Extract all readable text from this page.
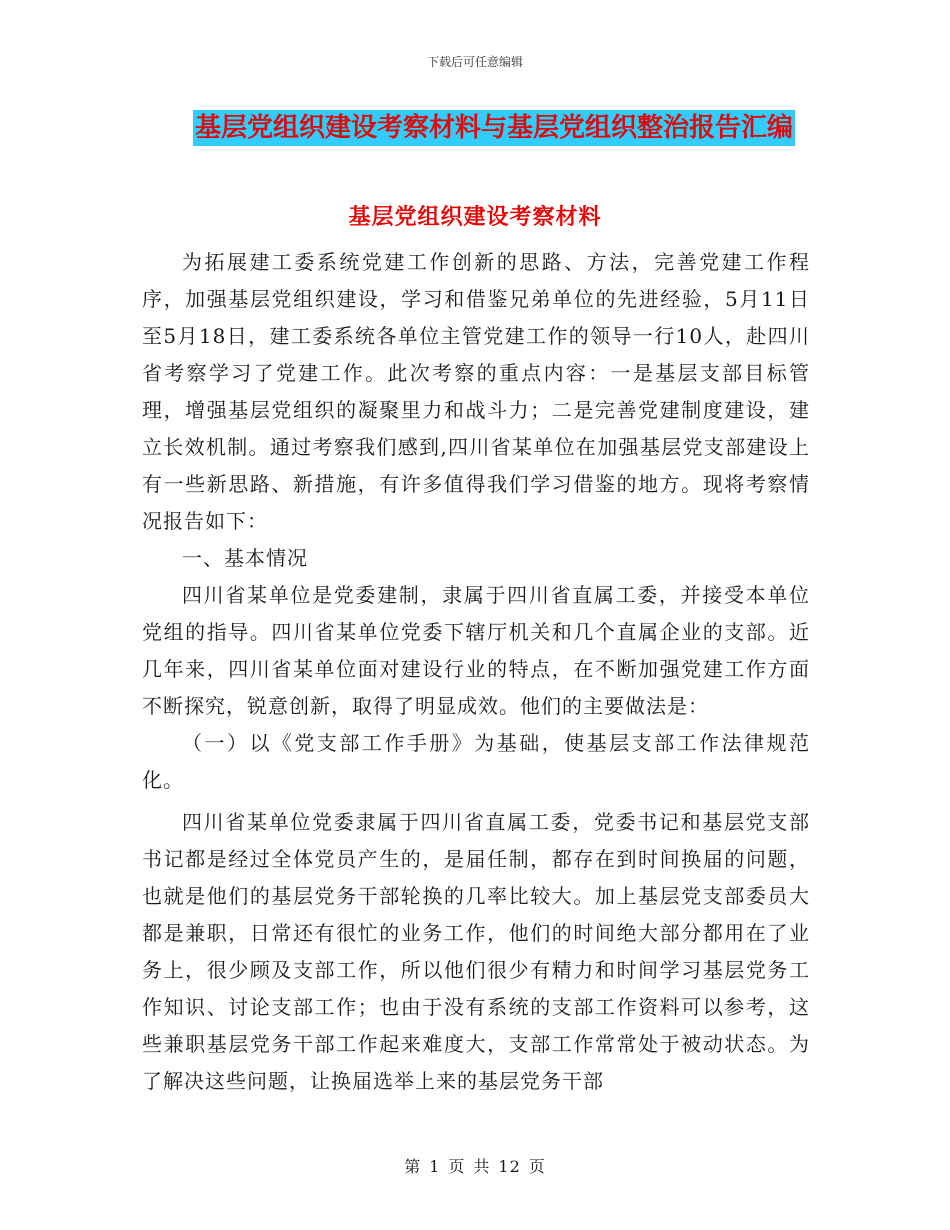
下载后可任意编辑
基层党组织建设考察材料与基层党组织整治报告汇编
基层党组织建设考察材料

为拓展建工委系统党建工作创新的思路、方法，完善党建工作程序，加强基层党组织建设，学习和借鉴兄弟单位的先进经验，5月11日至5月18日，建工委系统各单位主管党建工作的领导一行10人，赴四川省考察学习了党建工作。此次考察的重点内容：一是基层支部目标管理，增强基层党组织的凝聚里力和战斗力；二是完善党建制度建设，建立长效机制。通过考察我们感到,四川省某单位在加强基层党支部建设上有一些新思路、新措施，有许多值得我们学习借鉴的地方。现将考察情况报告如下：

一、基本情况

四川省某单位是党委建制，隶属于四川省直属工委，并接受本单位党组的指导。四川省某单位党委下辖厅机关和几个直属企业的支部。近几年来，四川省某单位面对建设行业的特点，在不断加强党建工作方面不断探究，锐意创新，取得了明显成效。他们的主要做法是：

（一）以《党支部工作手册》为基础，使基层支部工作法律规范化。

四川省某单位党委隶属于四川省直属工委，党委书记和基层党支部书记都是经过全体党员产生的，是届任制，都存在到时间换届的问题，也就是他们的基层党务干部轮换的几率比较大。加上基层党支部委员大都是兼职，日常还有很忙的业务工作，他们的时间绝大部分都用在了业务上，很少顾及支部工作，所以他们很少有精力和时间学习基层党务工作知识、讨论支部工作；也由于没有系统的支部工作资料可以参考，这些兼职基层党务干部工作起来难度大，支部工作常常处于被动状态。为了解决这些问题，让换届选举上来的基层党务干部

第 1 页 共 12 页
